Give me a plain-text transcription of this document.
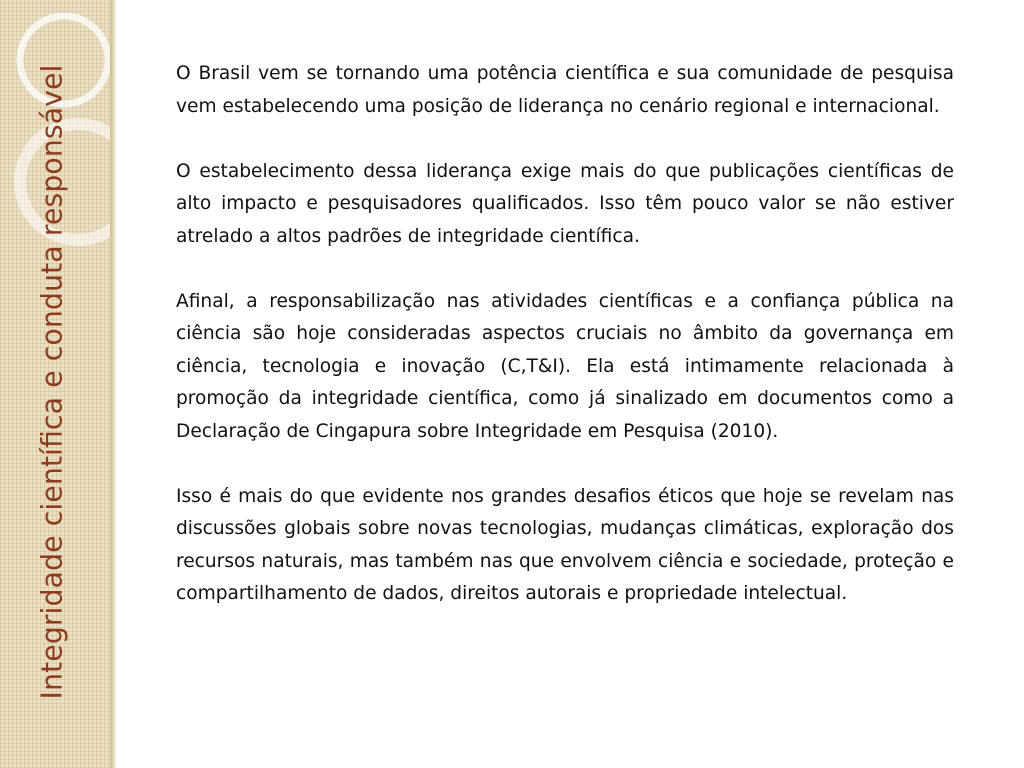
Integridade científica e conduta responsável	O Brasil vem se tornando uma potência científica e sua comunidade de pesquisa vem estabelecendo uma posição de liderança no cenário regional e internacional.

O estabelecimento dessa liderança exige mais do que publicações científicas de alto impacto e pesquisadores qualificados. Isso têm pouco valor se não estiver atrelado a altos padrões de integridade científica.

Afinal, a responsabilização nas atividades científicas e a confiança pública na ciência são hoje consideradas aspectos cruciais no âmbito da governança em ciência, tecnologia e inovação (C,T&I). Ela está intimamente relacionada à promoção da integridade científica, como já sinalizado em documentos como a Declaração de Cingapura sobre Integridade em Pesquisa (2010).

Isso é mais do que evidente nos grandes desafios éticos que hoje se revelam nas discussões globais sobre novas tecnologias, mudanças climáticas, exploração dos recursos naturais, mas também nas que envolvem ciência e sociedade, proteção e compartilhamento de dados, direitos autorais e propriedade intelectual.
